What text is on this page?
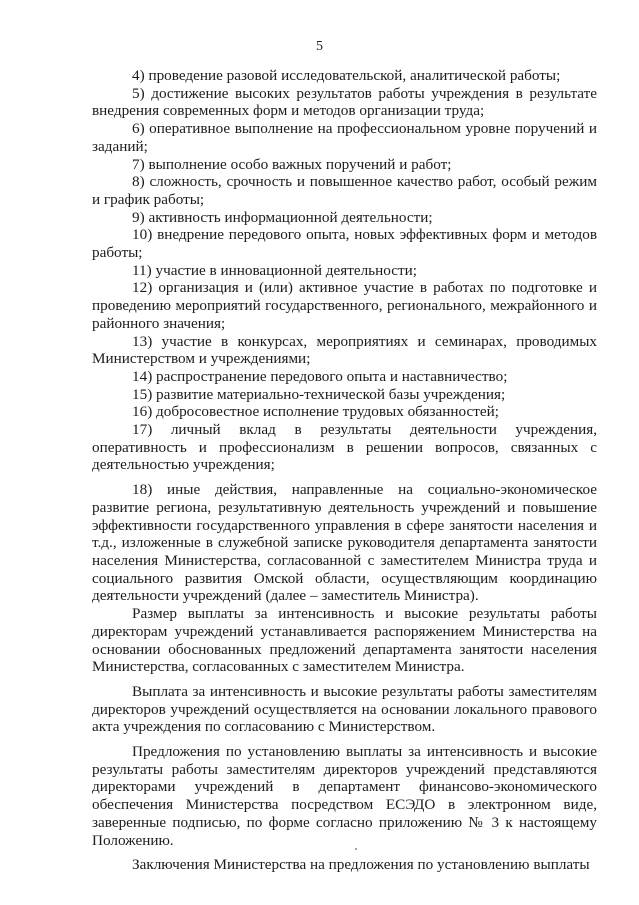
5

4) проведение разовой исследовательской, аналитической работы;

5) достижение высоких результатов работы учреждения в результате внедрения современных форм и методов организации труда;

6) оперативное выполнение на профессиональном уровне поручений и заданий;

7) выполнение особо важных поручений и работ;

8) сложность, срочность и повышенное качество работ, особый режим и график работы;

9) активность информационной деятельности;

10) внедрение передового опыта, новых эффективных форм и методов работы;

11) участие в инновационной деятельности;

12) организация и (или) активное участие в работах по подготовке и проведению мероприятий государственного, регионального, межрайонного и районного значения;

13) участие в конкурсах, мероприятиях и семинарах, проводимых Министерством и учреждениями;

14) распространение передового опыта и наставничество;

15) развитие материально-технической базы учреждения;

16) добросовестное исполнение трудовых обязанностей;

17) личный вклад в результаты деятельности учреждения, оперативность и профессионализм в решении вопросов, связанных с деятельностью учреждения;

18) иные действия, направленные на социально-экономическое развитие региона, результативную деятельность учреждений и повышение эффективности государственного управления в сфере занятости населения и т.д., изложенные в служебной записке руководителя департамента занятости населения Министерства, согласованной с заместителем Министра труда и социального развития Омской области, осуществляющим координацию деятельности учреждений (далее – заместитель Министра).

Размер выплаты за интенсивность и высокие результаты работы директорам учреждений устанавливается распоряжением Министерства на основании обоснованных предложений департамента занятости населения Министерства, согласованных с заместителем Министра.

Выплата за интенсивность и высокие результаты работы заместителям директоров учреждений осуществляется на основании локального правового акта учреждения по согласованию с Министерством.

Предложения по установлению выплаты за интенсивность и высокие результаты работы заместителям директоров учреждений представляются директорами учреждений в департамент финансово-экономического обеспечения Министерства посредством ЕСЭДО в электронном виде, заверенные подписью, по форме согласно приложению № 3 к настоящему Положению.

Заключения Министерства на предложения по установлению выплаты
